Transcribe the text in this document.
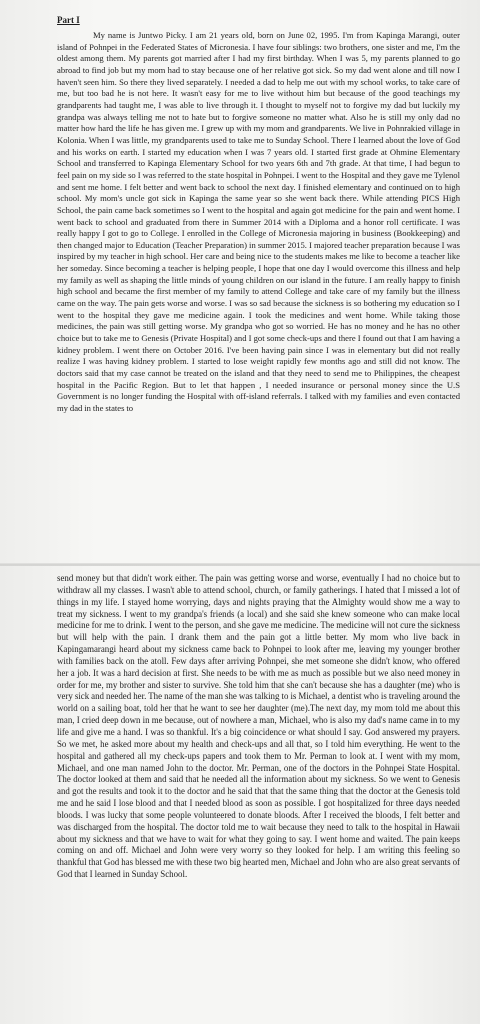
Part I

My name is Juntwo Picky. I am 21 years old, born on June 02, 1995. I'm from Kapinga Marangi, outer island of Pohnpei in the Federated States of Micronesia. I have four siblings: two brothers, one sister and me, I'm the oldest among them. My parents got married after I had my first birthday. When I was 5, my parents planned to go abroad to find job but my mom had to stay because one of her relative got sick. So my dad went alone and till now I haven't seen him. So there they lived separately. I needed a dad to help me out with my school works, to take care of me, but too bad he is not here. It wasn't easy for me to live without him but because of the good teachings my grandparents had taught me, I was able to live through it. I thought to myself not to forgive my dad but luckily my grandpa was always telling me not to hate but to forgive someone no matter what. Also he is still my only dad no matter how hard the life he has given me. I grew up with my mom and grandparents. We live in Pohnrakied village in Kolonia. When I was little, my grandparents used to take me to Sunday School. There I learned about the love of God and his works on earth. I started my education when I was 7 years old. I started first grade at Ohmine Elementary School and transferred to Kapinga Elementary School for two years 6th and 7th grade. At that time, I had begun to feel pain on my side so I was referred to the state hospital in Pohnpei. I went to the Hospital and they gave me Tylenol and sent me home. I felt better and went back to school the next day. I finished elementary and continued on to high school. My mom's uncle got sick in Kapinga the same year so she went back there. While attending PICS High School, the pain came back sometimes so I went to the hospital and again got medicine for the pain and went home. I went back to school and graduated from there in Summer 2014 with a Diploma and a honor roll certificate. I was really happy I got to go to College. I enrolled in the College of Micronesia majoring in business (Bookkeeping) and then changed major to Education (Teacher Preparation) in summer 2015. I majored teacher preparation because I was inspired by my teacher in high school. Her care and being nice to the students makes me like to become a teacher like her someday. Since becoming a teacher is helping people, I hope that one day I would overcome this illness and help my family as well as shaping the little minds of young children on our island in the future. I am really happy to finish high school and became the first member of my family to attend College and take care of my family but the illness came on the way. The pain gets worse and worse. I was so sad because the sickness is so bothering my education so I went to the hospital they gave me medicine again. I took the medicines and went home. While taking those medicines, the pain was still getting worse. My grandpa who got so worried. He has no money and he has no other choice but to take me to Genesis (Private Hospital) and I got some check-ups and there I found out that I am having a kidney problem. I went there on October 2016. I've been having pain since I was in elementary but did not really realize I was having kidney problem. I started to lose weight rapidly few months ago and still did not know. The doctors said that my case cannot be treated on the island and that they need to send me to Philippines, the cheapest hospital in the Pacific Region. But to let that happen , I needed insurance or personal money since the U.S Government is no longer funding the Hospital with off-island referrals. I talked with my families and even contacted my dad in the states to

send money but that didn't work either. The pain was getting worse and worse, eventually I had no choice but to withdraw all my classes. I wasn't able to attend school, church, or family gatherings. I hated that I missed a lot of things in my life. I stayed home worrying, days and nights praying that the Almighty would show me a way to treat my sickness. I went to my grandpa's friends (a local) and she said she knew someone who can make local medicine for me to drink. I went to the person, and she gave me medicine. The medicine will not cure the sickness but will help with the pain. I drank them and the pain got a little better. My mom who live back in Kapingamarangi heard about my sickness came back to Pohnpei to look after me, leaving my younger brother with families back on the atoll. Few days after arriving Pohnpei, she met someone she didn't know, who offered her a job. It was a hard decision at first. She needs to be with me as much as possible but we also need money in order for me, my brother and sister to survive. She told him that she can't because she has a daughter (me) who is very sick and needed her. The name of the man she was talking to is Michael, a dentist who is traveling around the world on a sailing boat, told her that he want to see her daughter (me).The next day, my mom told me about this man, I cried deep down in me because, out of nowhere a man, Michael, who is also my dad's name came in to my life and give me a hand. I was so thankful. It's a big coincidence or what should I say. God answered my prayers. So we met, he asked more about my health and check-ups and all that, so I told him everything. He went to the hospital and gathered all my check-ups papers and took them to Mr. Perman to look at. I went with my mom, Michael, and one man named John to the doctor. Mr. Perman, one of the doctors in the Pohnpei State Hospital. The doctor looked at them and said that he needed all the information about my sickness. So we went to Genesis and got the results and took it to the doctor and he said that that the same thing that the doctor at the Genesis told me and he said I lose blood and that I needed blood as soon as possible. I got hospitalized for three days needed bloods. I was lucky that some people volunteered to donate bloods. After I received the bloods, I felt better and was discharged from the hospital. The doctor told me to wait because they need to talk to the hospital in Hawaii about my sickness and that we have to wait for what they going to say. I went home and waited. The pain keeps coming on and off. Michael and John were very worry so they looked for help. I am writing this feeling so thankful that God has blessed me with these two big hearted men, Michael and John who are also great servants of God that I learned in Sunday School.
